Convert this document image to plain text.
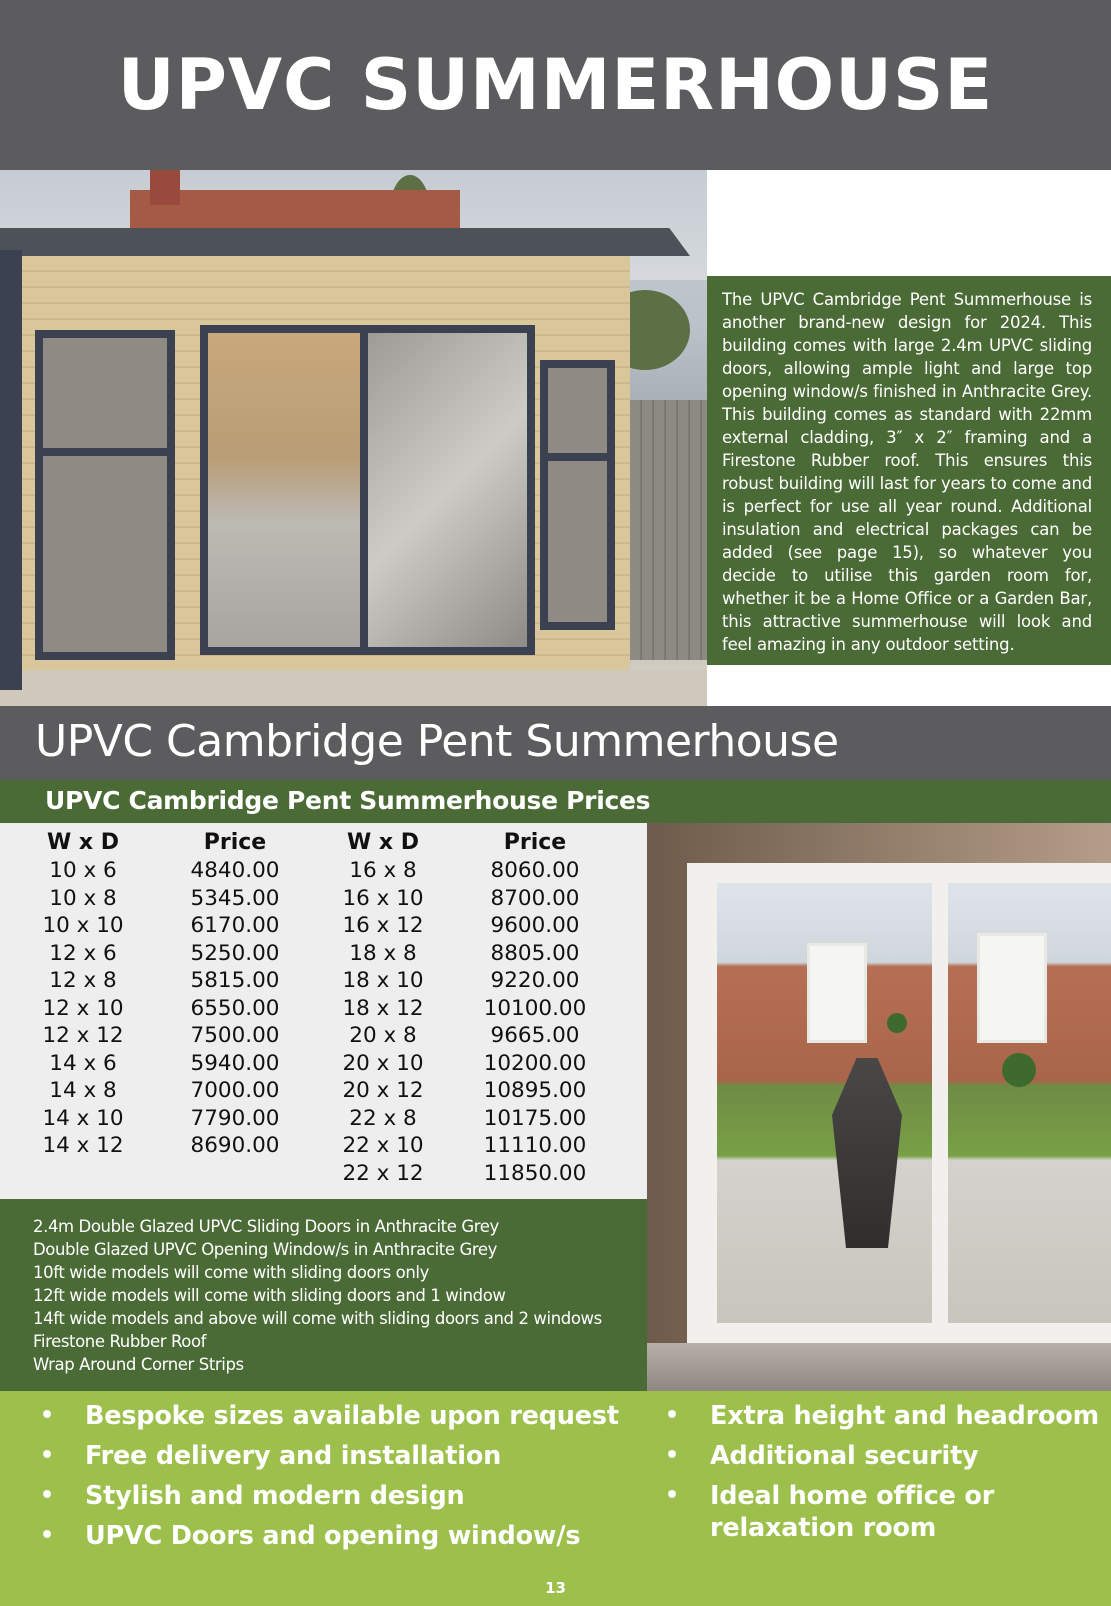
UPVC SUMMERHOUSE

The UPVC Cambridge Pent Summerhouse is another brand-new design for 2024. This building comes with large 2.4m UPVC sliding doors, allowing ample light and large top opening window/s finished in Anthracite Grey. This building comes as standard with 22mm external cladding, 3″ x 2″ framing and a Firestone Rubber roof. This ensures this robust building will last for years to come and is perfect for use all year round. Additional insulation and electrical packages can be added (see page 15), so whatever you decide to utilise this garden room for, whether it be a Home Office or a Garden Bar, this attractive summerhouse will look and feel amazing in any outdoor setting.

UPVC Cambridge Pent Summerhouse
UPVC Cambridge Pent Summerhouse Prices
W x D
10 x 6
10 x 8
10 x 10
12 x 6
12 x 8
12 x 10
12 x 12
14 x 6
14 x 8
14 x 10
14 x 12
Price
4840.00
5345.00
6170.00
5250.00
5815.00
6550.00
7500.00
5940.00
7000.00
7790.00
8690.00
W x D
16 x 8
16 x 10
16 x 12
18 x 8
18 x 10
18 x 12
20 x 8
20 x 10
20 x 12
22 x 8
22 x 10
22 x 12
Price
8060.00
8700.00
9600.00
8805.00
9220.00
10100.00
9665.00
10200.00
10895.00
10175.00
11110.00
11850.00
2.4m Double Glazed UPVC Sliding Doors in Anthracite Grey
Double Glazed UPVC Opening Window/s in Anthracite Grey
10ft wide models will come with sliding doors only
12ft wide models will come with sliding doors and 1 window
14ft wide models and above will come with sliding doors and 2 windows
Firestone Rubber Roof
Wrap Around Corner Strips
• Bespoke sizes available upon request
• Free delivery and installation
• Stylish and modern design
• UPVC Doors and opening window/s
• Extra height and headroom
• Additional security
• Ideal home office or relaxation room
13
